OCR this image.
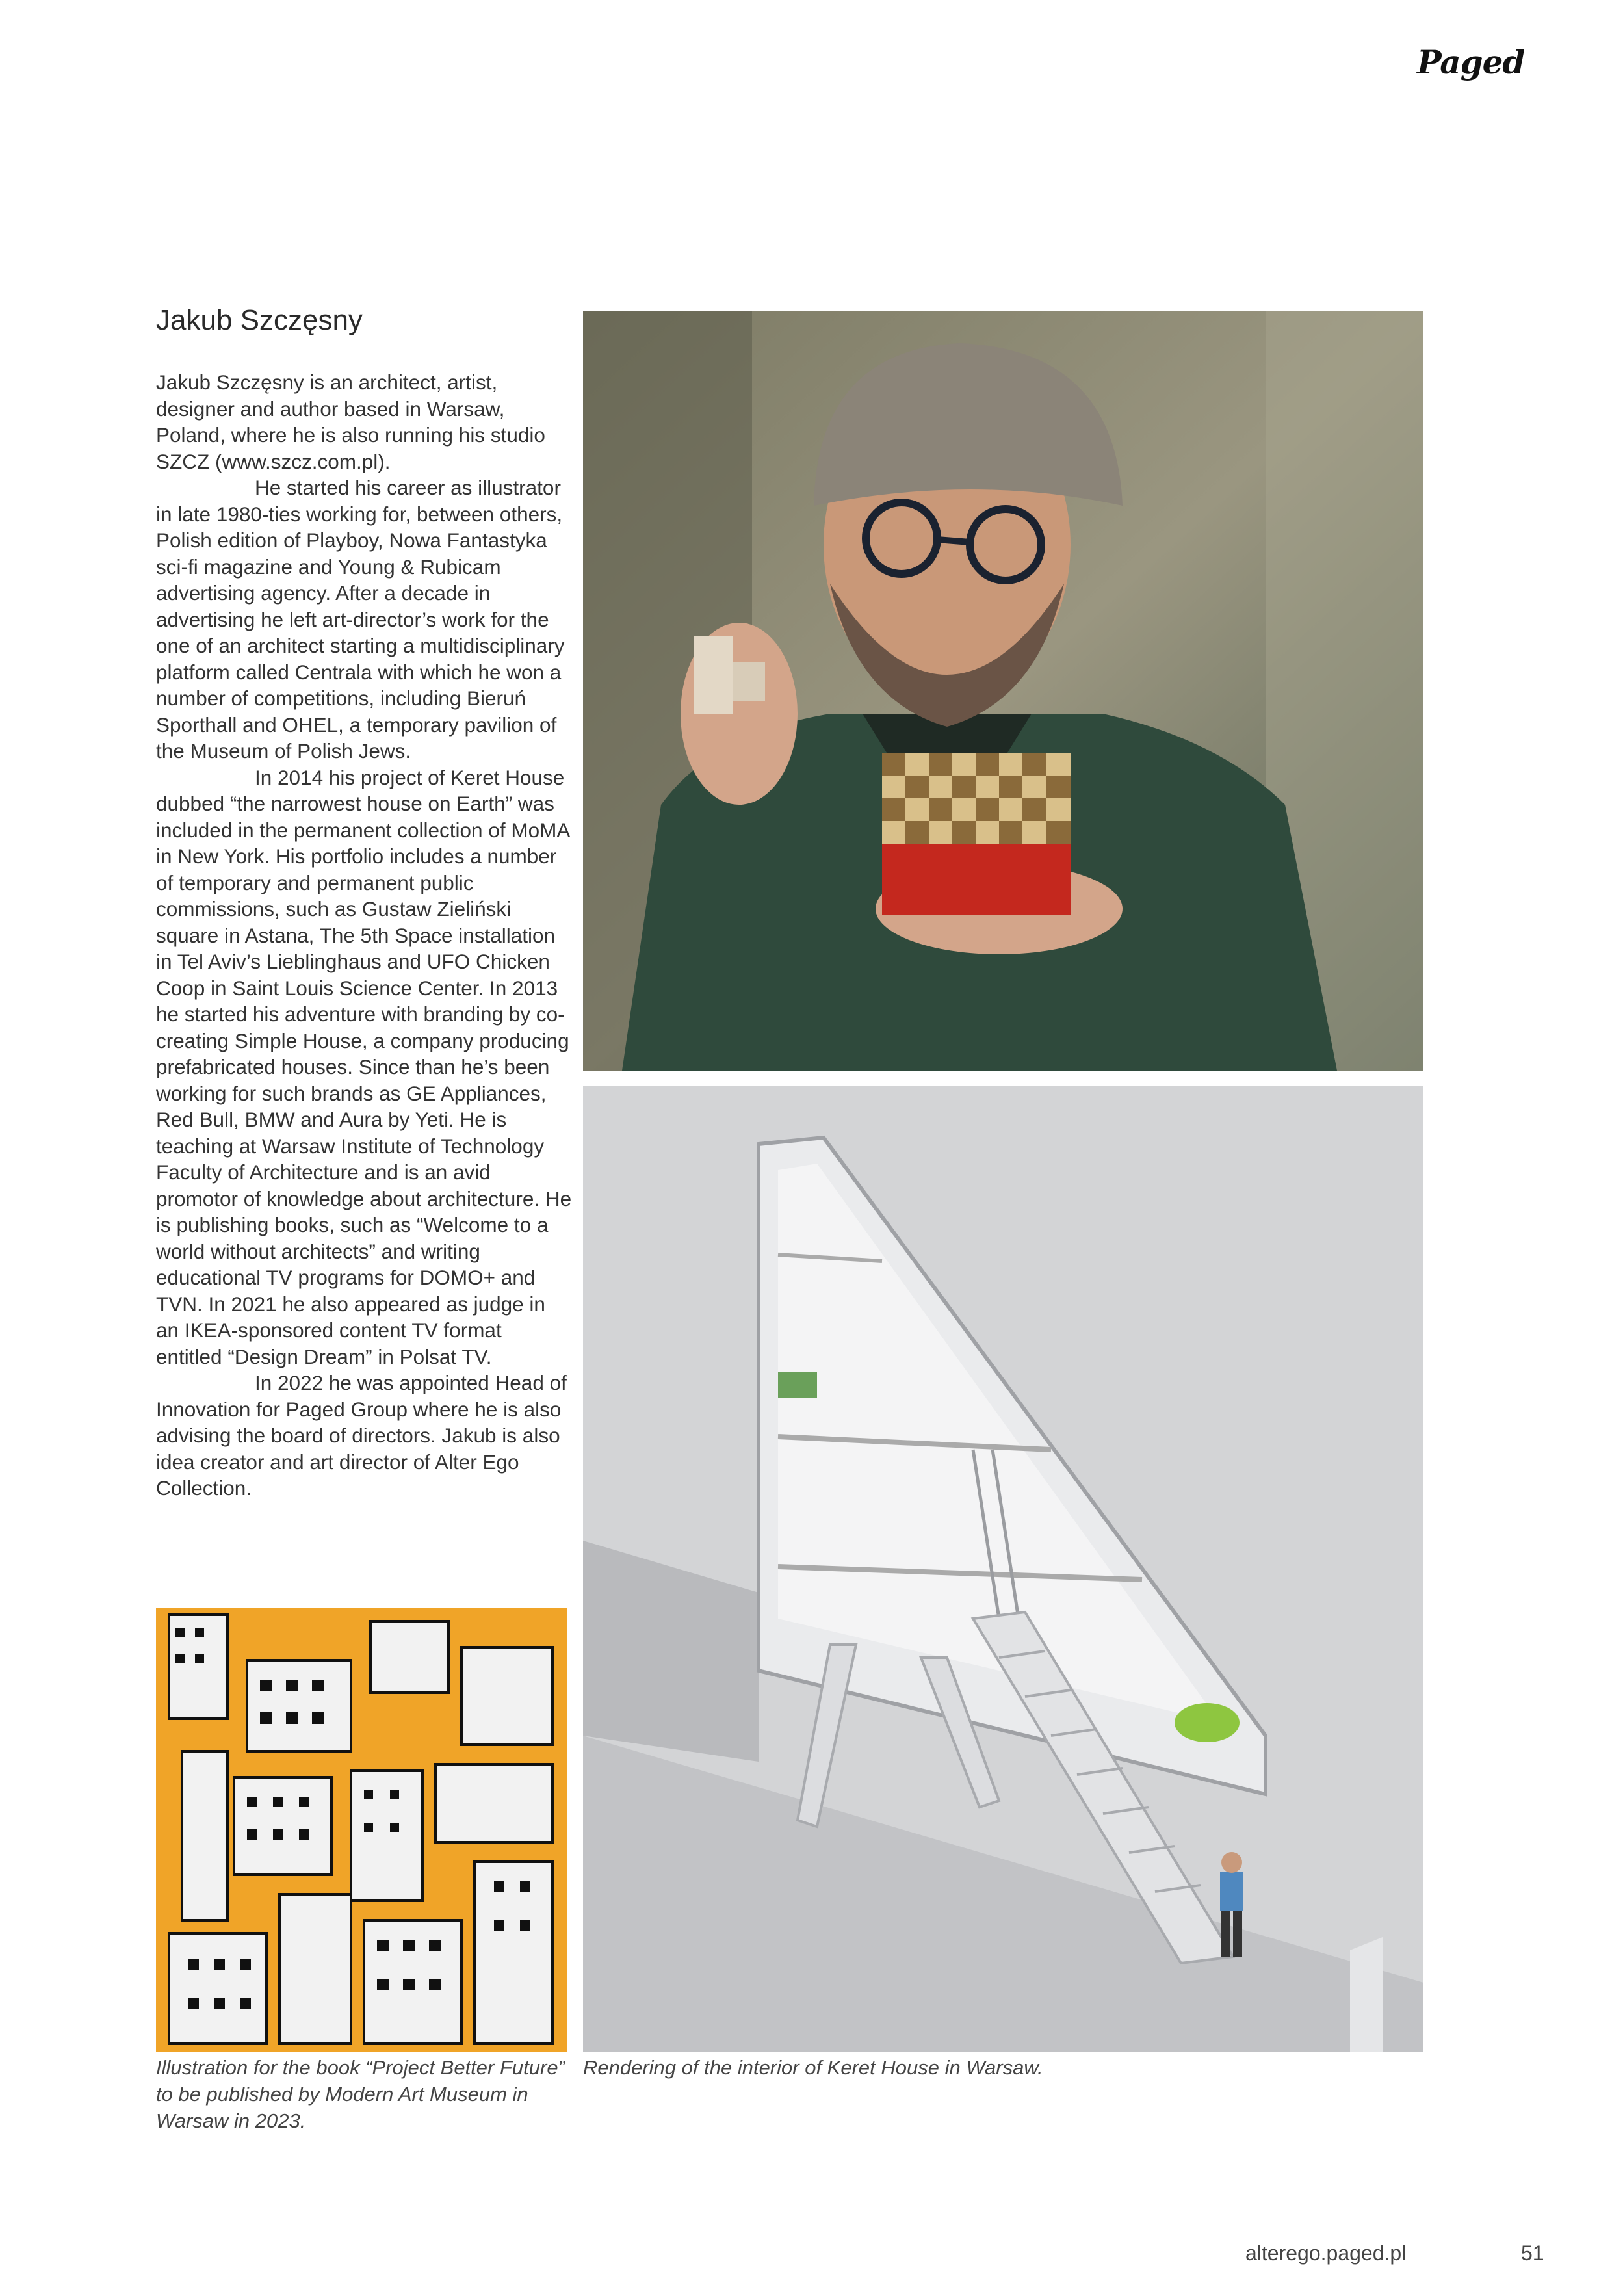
Paged
Jakub Szczęsny

Jakub Szczęsny is an architect, artist, designer and author based in Warsaw, Poland, where he is also running his studio SZCZ (www.szcz.com.pl).

He started his career as illustrator in late 1980-ties working for, between others, Polish edition of Playboy, Nowa Fantastyka sci-fi magazine and Young & Rubicam advertising agency. After a decade in advertising he left art-director’s work for the one of an architect starting a multidisciplinary platform called Centrala with which he won a number of competitions, including Bieruń Sporthall and OHEL, a temporary pavilion of the Museum of Polish Jews.

In 2014 his project of Keret House dubbed “the narrowest house on Earth” was included in the permanent collection of MoMA in New York. His portfolio includes a number of temporary and permanent public commissions, such as Gustaw Zieliński square in Astana, The 5th Space installation in Tel Aviv’s Lieblinghaus and UFO Chicken Coop in Saint Louis Science Center. In 2013 he started his adventure with branding by co-creating Simple House, a company producing prefabricated houses. Since than he’s been working for such brands as GE Appliances, Red Bull, BMW and Aura by Yeti. He is teaching at Warsaw Institute of Technology Faculty of Architecture and is an avid promotor of knowledge about architecture. He is publishing books, such as “Welcome to a world without architects” and writing educational TV programs for DOMO+ and TVN. In 2021 he also appeared as judge in an IKEA-sponsored content TV format entitled “Design Dream” in Polsat TV.

In 2022 he was appointed Head of Innovation for Paged Group where he is also advising the board of directors. Jakub is also idea creator and art director of Alter Ego Collection.

Illustration for the book “Project Better Future” to be published by Modern Art Museum in Warsaw in 2023.
Rendering of the interior of Keret House in Warsaw.
alterego.paged.pl	51
